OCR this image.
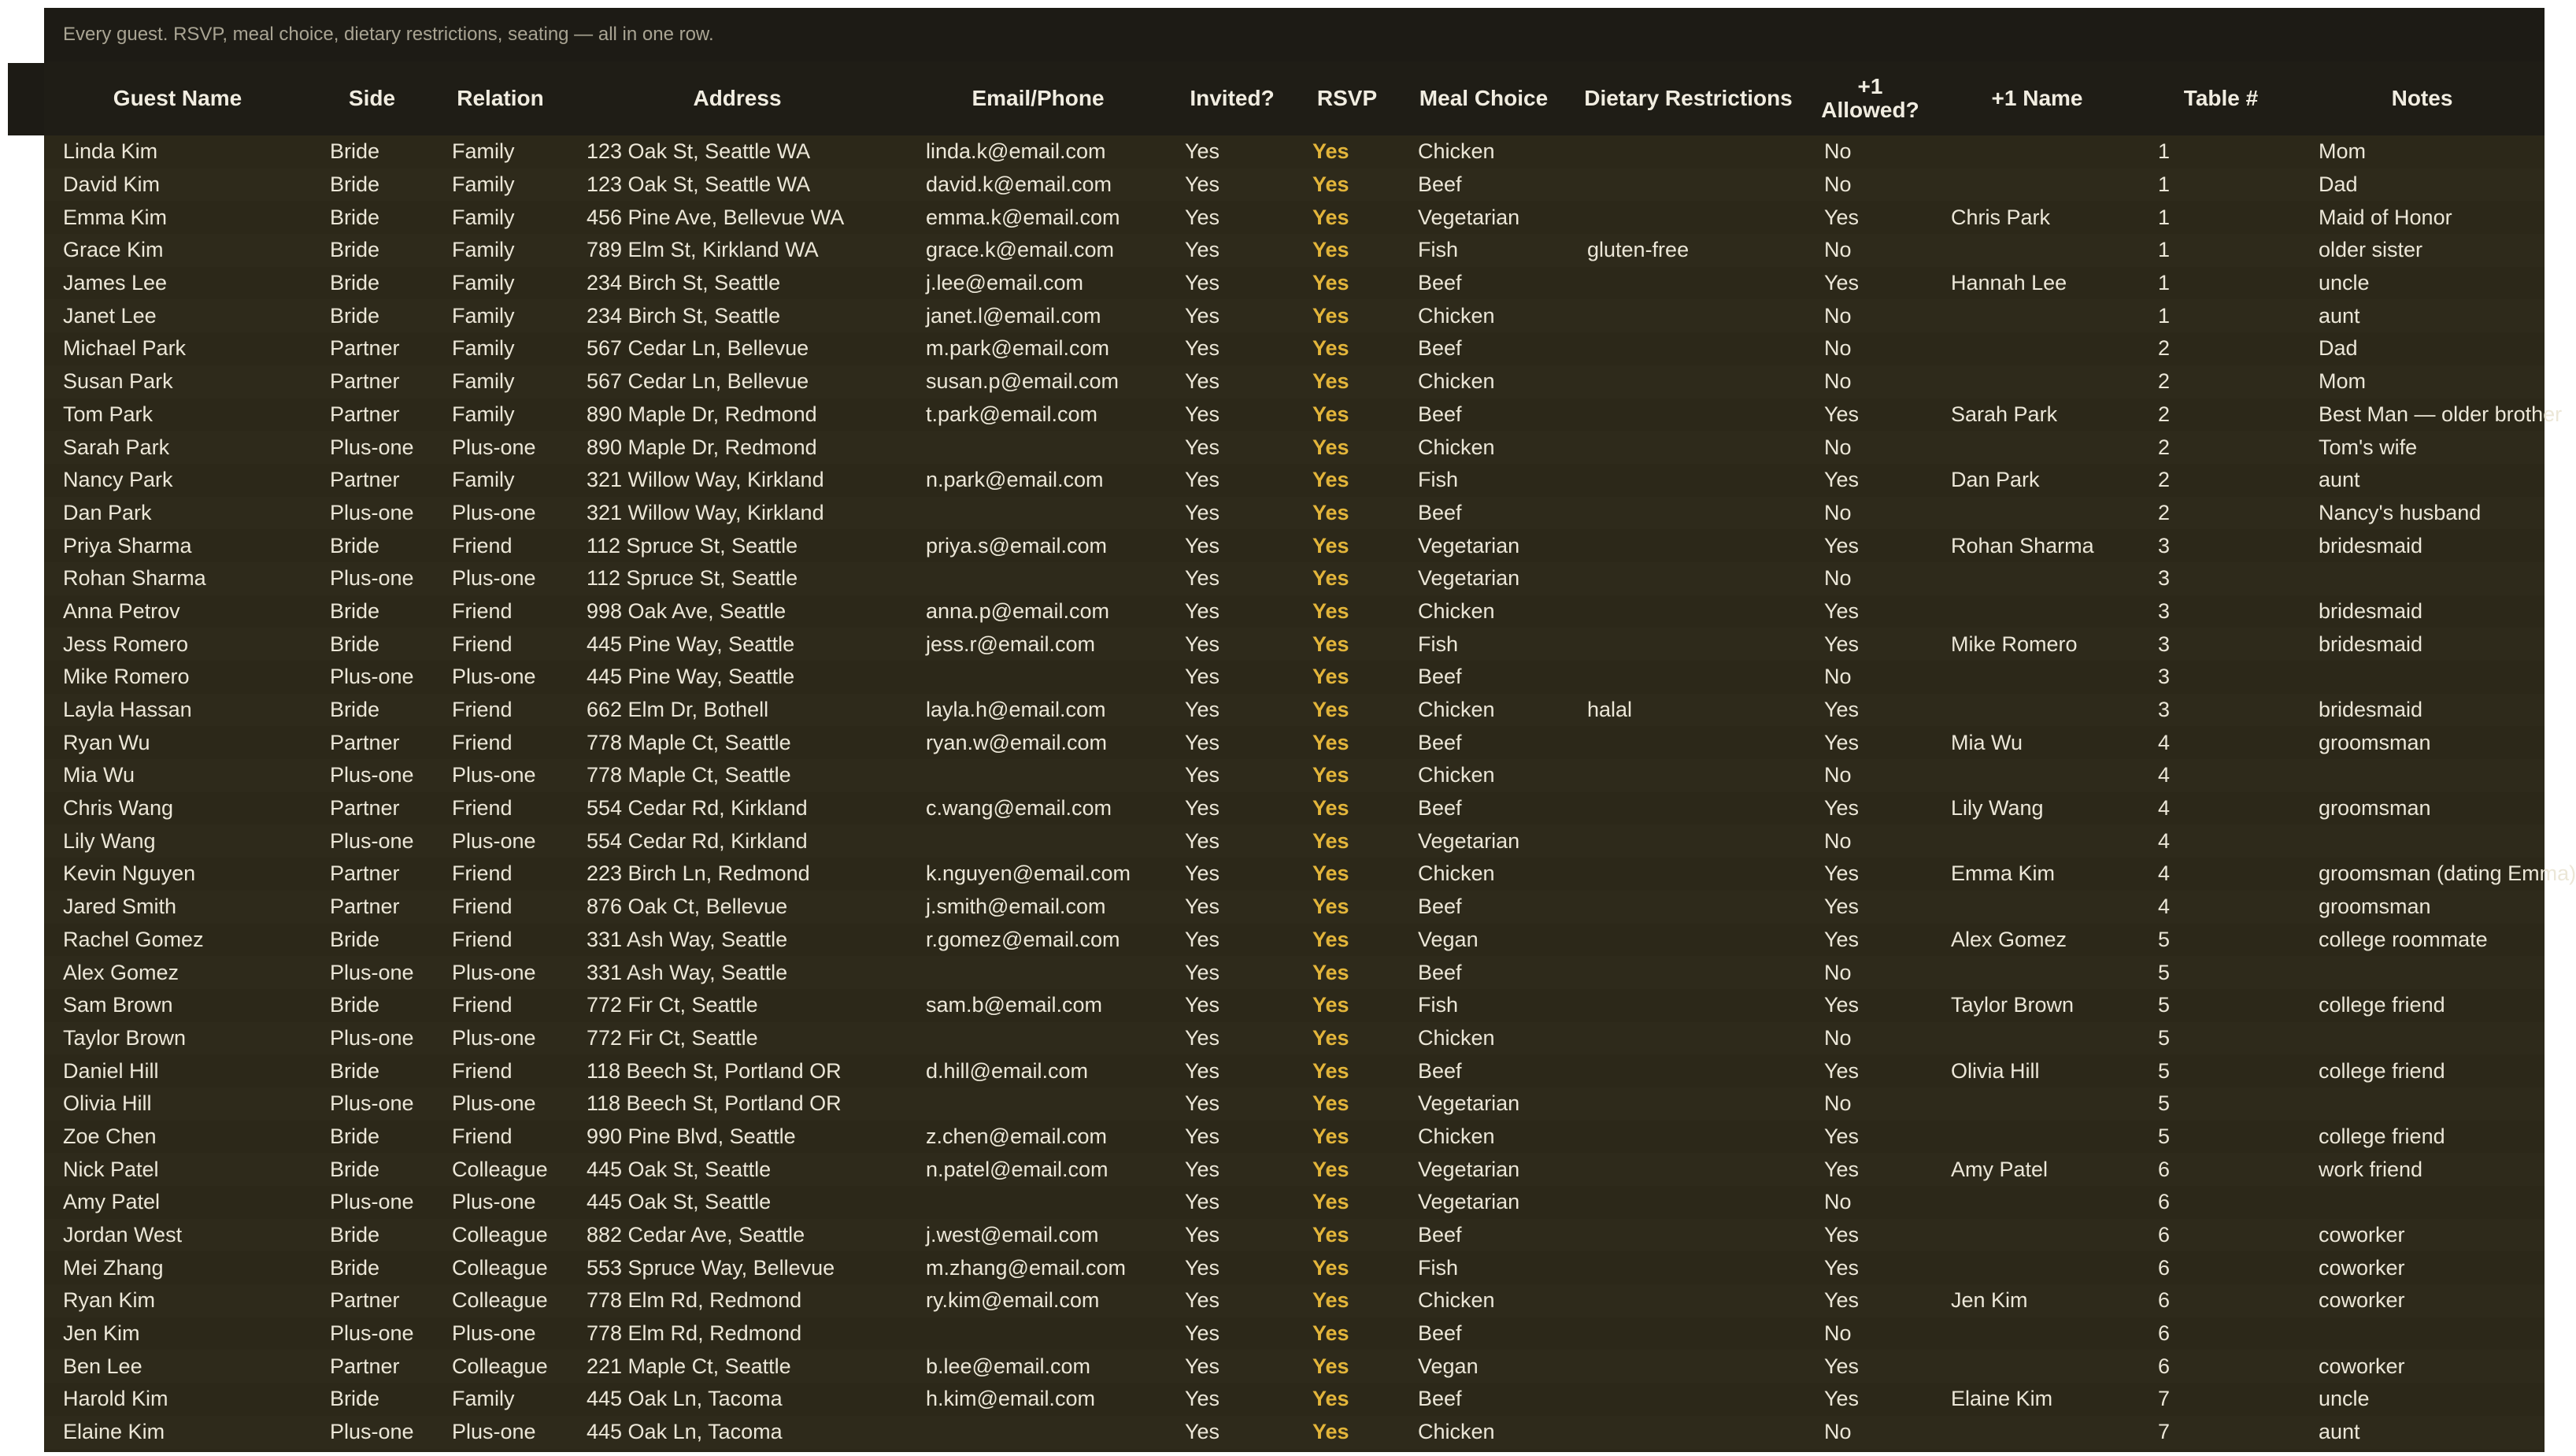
Every guest. RSVP, meal choice, dietary restrictions, seating — all in one row.
Guest Name	Side	Relation	Address	Email/Phone	Invited?	RSVP	Meal Choice	Dietary Restrictions	+1 Allowed?	+1 Name	Table #	Notes
Linda Kim	Bride	Family	123 Oak St, Seattle WA	linda.k@email.com	Yes	Yes	Chicken		No		1	Mom
David Kim	Bride	Family	123 Oak St, Seattle WA	david.k@email.com	Yes	Yes	Beef		No		1	Dad
Emma Kim	Bride	Family	456 Pine Ave, Bellevue WA	emma.k@email.com	Yes	Yes	Vegetarian		Yes	Chris Park	1	Maid of Honor
Grace Kim	Bride	Family	789 Elm St, Kirkland WA	grace.k@email.com	Yes	Yes	Fish	gluten-free	No		1	older sister
James Lee	Bride	Family	234 Birch St, Seattle	j.lee@email.com	Yes	Yes	Beef		Yes	Hannah Lee	1	uncle
Janet Lee	Bride	Family	234 Birch St, Seattle	janet.l@email.com	Yes	Yes	Chicken		No		1	aunt
Michael Park	Partner	Family	567 Cedar Ln, Bellevue	m.park@email.com	Yes	Yes	Beef		No		2	Dad
Susan Park	Partner	Family	567 Cedar Ln, Bellevue	susan.p@email.com	Yes	Yes	Chicken		No		2	Mom
Tom Park	Partner	Family	890 Maple Dr, Redmond	t.park@email.com	Yes	Yes	Beef		Yes	Sarah Park	2	Best Man — older brother
Sarah Park	Plus-one	Plus-one	890 Maple Dr, Redmond		Yes	Yes	Chicken		No		2	Tom's wife
Nancy Park	Partner	Family	321 Willow Way, Kirkland	n.park@email.com	Yes	Yes	Fish		Yes	Dan Park	2	aunt
Dan Park	Plus-one	Plus-one	321 Willow Way, Kirkland		Yes	Yes	Beef		No		2	Nancy's husband
Priya Sharma	Bride	Friend	112 Spruce St, Seattle	priya.s@email.com	Yes	Yes	Vegetarian		Yes	Rohan Sharma	3	bridesmaid
Rohan Sharma	Plus-one	Plus-one	112 Spruce St, Seattle		Yes	Yes	Vegetarian		No		3	
Anna Petrov	Bride	Friend	998 Oak Ave, Seattle	anna.p@email.com	Yes	Yes	Chicken		Yes		3	bridesmaid
Jess Romero	Bride	Friend	445 Pine Way, Seattle	jess.r@email.com	Yes	Yes	Fish		Yes	Mike Romero	3	bridesmaid
Mike Romero	Plus-one	Plus-one	445 Pine Way, Seattle		Yes	Yes	Beef		No		3	
Layla Hassan	Bride	Friend	662 Elm Dr, Bothell	layla.h@email.com	Yes	Yes	Chicken	halal	Yes		3	bridesmaid
Ryan Wu	Partner	Friend	778 Maple Ct, Seattle	ryan.w@email.com	Yes	Yes	Beef		Yes	Mia Wu	4	groomsman
Mia Wu	Plus-one	Plus-one	778 Maple Ct, Seattle		Yes	Yes	Chicken		No		4	
Chris Wang	Partner	Friend	554 Cedar Rd, Kirkland	c.wang@email.com	Yes	Yes	Beef		Yes	Lily Wang	4	groomsman
Lily Wang	Plus-one	Plus-one	554 Cedar Rd, Kirkland		Yes	Yes	Vegetarian		No		4	
Kevin Nguyen	Partner	Friend	223 Birch Ln, Redmond	k.nguyen@email.com	Yes	Yes	Chicken		Yes	Emma Kim	4	groomsman (dating Emma)
Jared Smith	Partner	Friend	876 Oak Ct, Bellevue	j.smith@email.com	Yes	Yes	Beef		Yes		4	groomsman
Rachel Gomez	Bride	Friend	331 Ash Way, Seattle	r.gomez@email.com	Yes	Yes	Vegan		Yes	Alex Gomez	5	college roommate
Alex Gomez	Plus-one	Plus-one	331 Ash Way, Seattle		Yes	Yes	Beef		No		5	
Sam Brown	Bride	Friend	772 Fir Ct, Seattle	sam.b@email.com	Yes	Yes	Fish		Yes	Taylor Brown	5	college friend
Taylor Brown	Plus-one	Plus-one	772 Fir Ct, Seattle		Yes	Yes	Chicken		No		5	
Daniel Hill	Bride	Friend	118 Beech St, Portland OR	d.hill@email.com	Yes	Yes	Beef		Yes	Olivia Hill	5	college friend
Olivia Hill	Plus-one	Plus-one	118 Beech St, Portland OR		Yes	Yes	Vegetarian		No		5	
Zoe Chen	Bride	Friend	990 Pine Blvd, Seattle	z.chen@email.com	Yes	Yes	Chicken		Yes		5	college friend
Nick Patel	Bride	Colleague	445 Oak St, Seattle	n.patel@email.com	Yes	Yes	Vegetarian		Yes	Amy Patel	6	work friend
Amy Patel	Plus-one	Plus-one	445 Oak St, Seattle		Yes	Yes	Vegetarian		No		6	
Jordan West	Bride	Colleague	882 Cedar Ave, Seattle	j.west@email.com	Yes	Yes	Beef		Yes		6	coworker
Mei Zhang	Bride	Colleague	553 Spruce Way, Bellevue	m.zhang@email.com	Yes	Yes	Fish		Yes		6	coworker
Ryan Kim	Partner	Colleague	778 Elm Rd, Redmond	ry.kim@email.com	Yes	Yes	Chicken		Yes	Jen Kim	6	coworker
Jen Kim	Plus-one	Plus-one	778 Elm Rd, Redmond		Yes	Yes	Beef		No		6	
Ben Lee	Partner	Colleague	221 Maple Ct, Seattle	b.lee@email.com	Yes	Yes	Vegan		Yes		6	coworker
Harold Kim	Bride	Family	445 Oak Ln, Tacoma	h.kim@email.com	Yes	Yes	Beef		Yes	Elaine Kim	7	uncle
Elaine Kim	Plus-one	Plus-one	445 Oak Ln, Tacoma		Yes	Yes	Chicken		No		7	aunt
